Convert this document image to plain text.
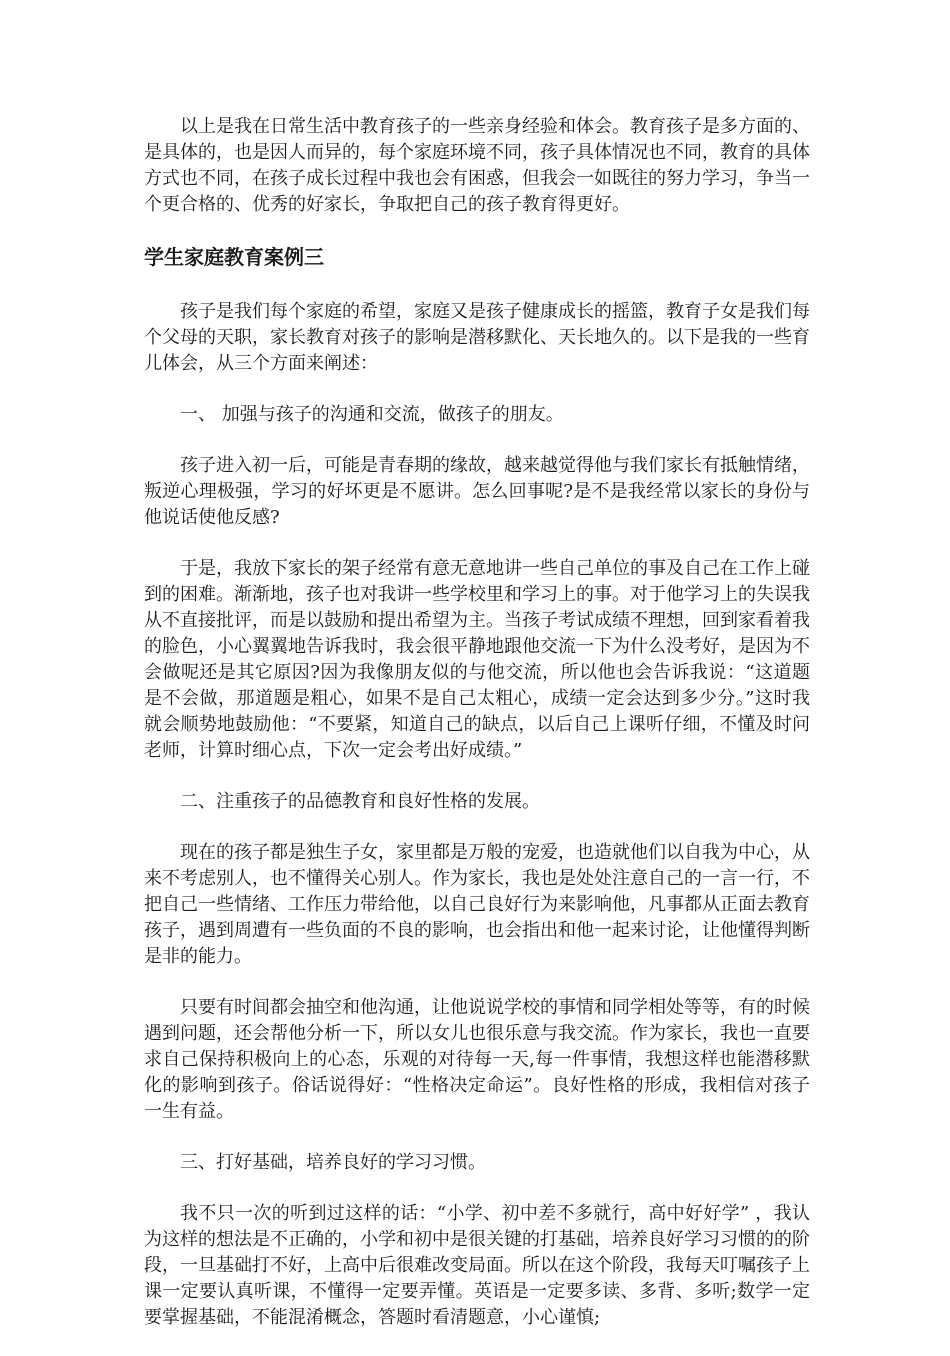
以上是我在日常生活中教育孩子的一些亲身经验和体会。教育孩子是多方面的、是具体的，也是因人而异的，每个家庭环境不同，孩子具体情况也不同，教育的具体方式也不同，在孩子成长过程中我也会有困惑，但我会一如既往的努力学习，争当一个更合格的、优秀的好家长，争取把自己的孩子教育得更好。

学生家庭教育案例三

孩子是我们每个家庭的希望，家庭又是孩子健康成长的摇篮，教育子女是我们每个父母的天职，家长教育对孩子的影响是潜移默化、天长地久的。以下是我的一些育儿体会，从三个方面来阐述：

一、 加强与孩子的沟通和交流，做孩子的朋友。

孩子进入初一后，可能是青春期的缘故，越来越觉得他与我们家长有抵触情绪，叛逆心理极强，学习的好坏更是不愿讲。怎么回事呢?是不是我经常以家长的身份与他说话使他反感?

于是，我放下家长的架子经常有意无意地讲一些自己单位的事及自己在工作上碰到的困难。渐渐地，孩子也对我讲一些学校里和学习上的事。对于他学习上的失误我从不直接批评，而是以鼓励和提出希望为主。当孩子考试成绩不理想，回到家看着我的脸色，小心翼翼地告诉我时，我会很平静地跟他交流一下为什么没考好，是因为不会做呢还是其它原因?因为我像朋友似的与他交流，所以他也会告诉我说：“这道题是不会做，那道题是粗心，如果不是自己太粗心，成绩一定会达到多少分。”这时我就会顺势地鼓励他：“不要紧，知道自己的缺点，以后自己上课听仔细，不懂及时问老师，计算时细心点，下次一定会考出好成绩。”

二、注重孩子的品德教育和良好性格的发展。

现在的孩子都是独生子女，家里都是万般的宠爱，也造就他们以自我为中心，从来不考虑别人，也不懂得关心别人。作为家长，我也是处处注意自己的一言一行，不把自己一些情绪、工作压力带给他，以自己良好行为来影响他，凡事都从正面去教育孩子，遇到周遭有一些负面的不良的影响，也会指出和他一起来讨论，让他懂得判断是非的能力。

只要有时间都会抽空和他沟通，让他说说学校的事情和同学相处等等，有的时候遇到问题，还会帮他分析一下，所以女儿也很乐意与我交流。作为家长，我也一直要求自己保持积极向上的心态，乐观的对待每一天,每一件事情，我想这样也能潜移默化的影响到孩子。俗话说得好：“性格决定命运”。良好性格的形成，我相信对孩子一生有益。

三、打好基础，培养良好的学习习惯。

我不只一次的听到过这样的话：“小学、初中差不多就行，高中好好学” ，我认为这样的想法是不正确的，小学和初中是很关键的打基础，培养良好学习习惯的的阶段，一旦基础打不好，上高中后很难改变局面。所以在这个阶段，我每天叮嘱孩子上课一定要认真听课，不懂得一定要弄懂。英语是一定要多读、多背、多听;数学一定要掌握基础，不能混淆概念，答题时看清题意，小心谨慎;
